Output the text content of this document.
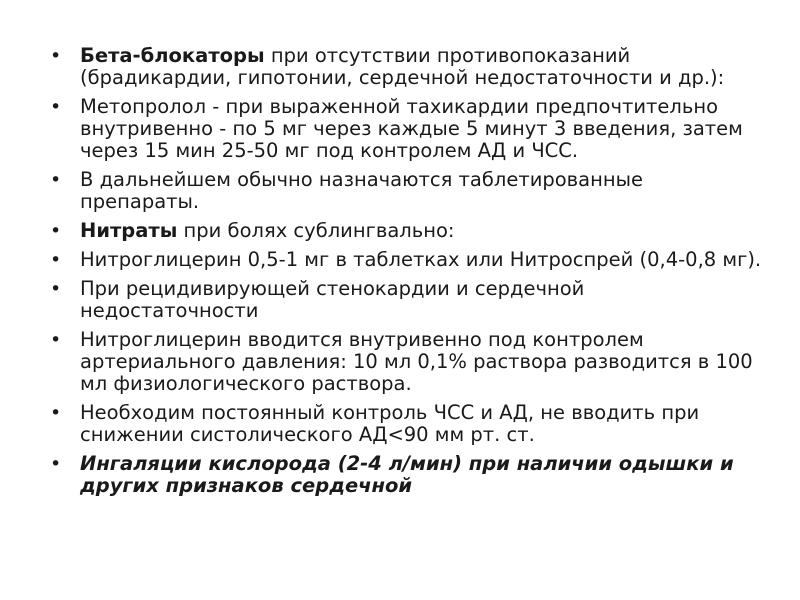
• Бета-блокаторы при отсутствии противопоказаний (брадикардии, гипотонии, сердечной недостаточности и др.):
• Метопролол - при выраженной тахикардии предпочтительно внутривенно - по 5 мг через каждые 5 минут 3 введения, затем через 15 мин 25-50 мг под контролем АД и ЧСС.
• В дальнейшем обычно назначаются таблетированные препараты.
• Нитраты при болях сублингвально:
• Нитроглицерин 0,5-1 мг в таблетках или Нитроспрей (0,4-0,8 мг).
• При рецидивирующей стенокардии и сердечной недостаточности
• Нитроглицерин вводится внутривенно под контролем артериального давления: 10 мл 0,1% раствора разводится в 100 мл физиологического раствора.
• Необходим постоянный контроль ЧСС и АД, не вводить при снижении систолического АД<90 мм рт. ст.
• Ингаляции кислорода (2-4 л/мин) при наличии одышки и других признаков сердечной
